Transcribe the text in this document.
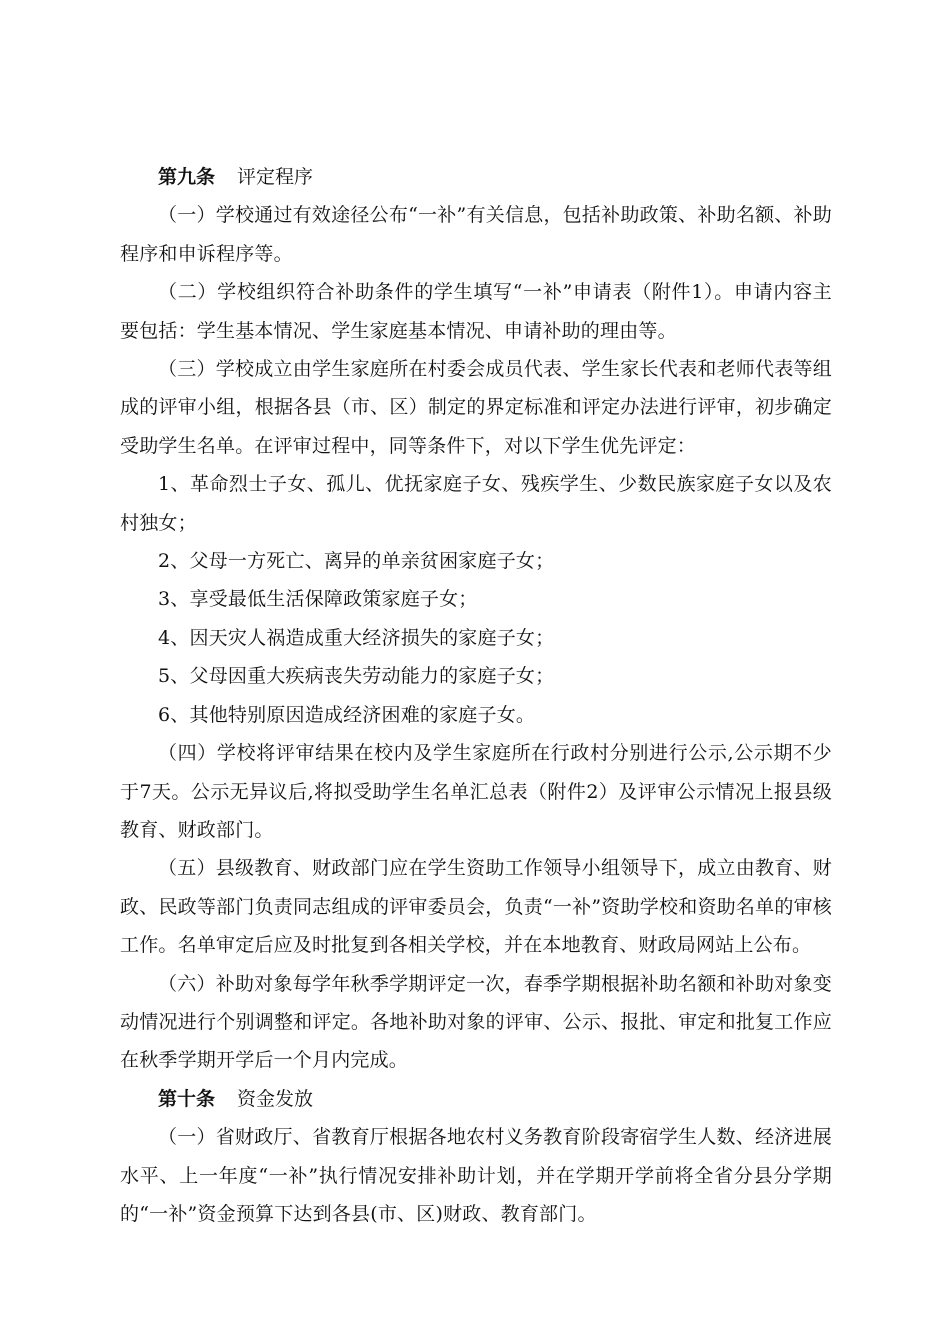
第九条 评定程序

（一）学校通过有效途径公布“一补”有关信息，包括补助政策、补助名额、补助程序和申诉程序等。

（二）学校组织符合补助条件的学生填写“一补”申请表（附件1）。申请内容主要包括：学生基本情况、学生家庭基本情况、申请补助的理由等。

（三）学校成立由学生家庭所在村委会成员代表、学生家长代表和老师代表等组成的评审小组，根据各县（市、区）制定的界定标准和评定办法进行评审，初步确定受助学生名单。在评审过程中，同等条件下，对以下学生优先评定：

1、革命烈士子女、孤儿、优抚家庭子女、残疾学生、少数民族家庭子女以及农村独女；

2、父母一方死亡、离异的单亲贫困家庭子女；

3、享受最低生活保障政策家庭子女；

4、因天灾人祸造成重大经济损失的家庭子女；

5、父母因重大疾病丧失劳动能力的家庭子女；

6、其他特别原因造成经济困难的家庭子女。

（四）学校将评审结果在校内及学生家庭所在行政村分别进行公示,公示期不少于7天。公示无异议后,将拟受助学生名单汇总表（附件2）及评审公示情况上报县级教育、财政部门。

（五）县级教育、财政部门应在学生资助工作领导小组领导下，成立由教育、财政、民政等部门负责同志组成的评审委员会，负责“一补”资助学校和资助名单的审核工作。名单审定后应及时批复到各相关学校，并在本地教育、财政局网站上公布。

（六）补助对象每学年秋季学期评定一次，春季学期根据补助名额和补助对象变动情况进行个别调整和评定。各地补助对象的评审、公示、报批、审定和批复工作应在秋季学期开学后一个月内完成。

第十条 资金发放

（一）省财政厅、省教育厅根据各地农村义务教育阶段寄宿学生人数、经济进展水平、上一年度“一补”执行情况安排补助计划，并在学期开学前将全省分县分学期的“一补”资金预算下达到各县(市、区)财政、教育部门。
